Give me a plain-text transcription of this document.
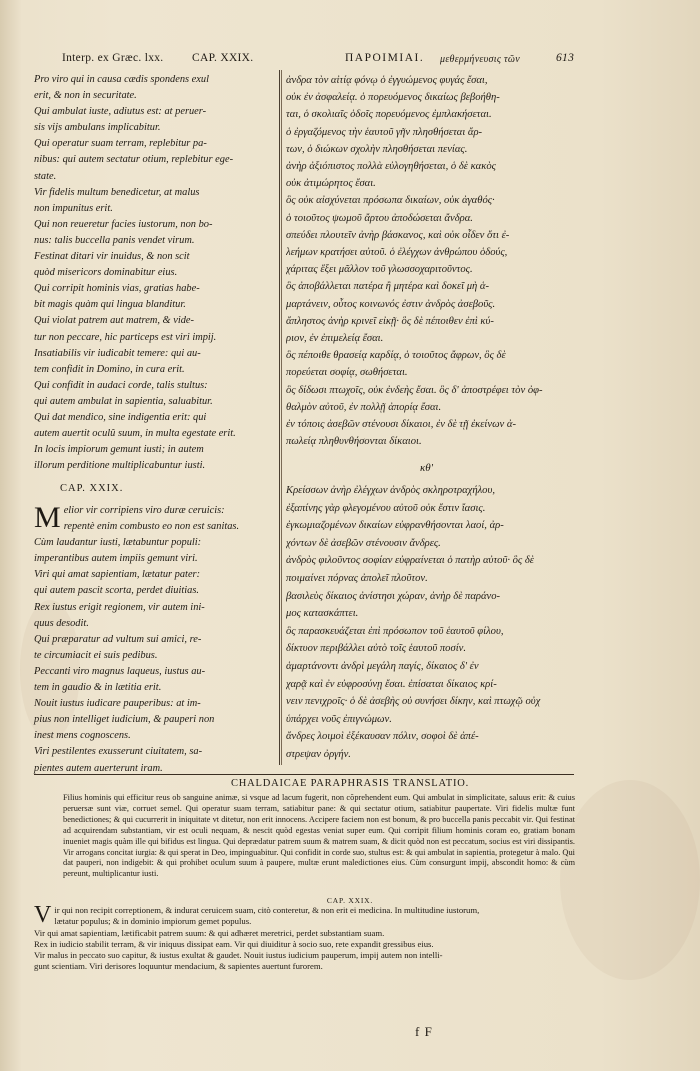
Interp. ex Græc. lxx. CAP. XXIX.	ΠΑΡΟΙΜΙΑΙ. μεθερμήνευσις τῶν	613

Pro viro qui in causa cædis spondens exul

erit, & non in securitate.

Qui ambulat iuste, adiutus est: at peruer-

sis vijs ambulans implicabitur.

Qui operatur suam terram, replebitur pa-

nibus: qui autem sectatur otium, replebitur ege-

state.

Vir fidelis multum benedicetur, at malus

non impunitus erit.

Qui non reueretur facies iustorum, non bo-

nus: talis buccella panis vendet virum.

Festinat ditari vir inuidus, & non scit

quòd misericors dominabitur eius.

Qui corripit hominis vias, gratias habe-

bit magis quàm qui lingua blanditur.

Qui violat patrem aut matrem, & vide-

tur non peccare, hic particeps est viri impij.

Insatiabilis vir iudicabit temere: qui au-

tem confidit in Domino, in cura erit.

Qui confidit in audaci corde, talis stultus:

qui autem ambulat in sapientia, saluabitur.

Qui dat mendico, sine indigentia erit: qui

autem auertit oculû suum, in multa egestate erit.

In locis impiorum gemunt iusti; in autem

illorum perditione multiplicabuntur iusti.

CAP. XXIX.
M elior vir corripiens viro duræ ceruicis:

repentè enim combusto eo non est sanitas.

Cùm laudantur iusti, lætabuntur populi:

imperantibus autem impiis gemunt viri.

Viri qui amat sapientiam, lætatur pater:

qui autem pascit scorta, perdet diuitias.

Rex iustus erigit regionem, vir autem ini-

quus desodit.

Qui præparatur ad vultum sui amici, re-

te circumiacit ei suis pedibus.

Peccanti viro magnus laqueus, iustus au-

tem in gaudio & in lætitia erit.

Nouit iustus iudicare pauperibus: at im-

pius non intelliget iudicium, & pauperi non

inest mens cognoscens.

Viri pestilentes exusserunt ciuitatem, sa-

pientes autem auerterunt iram.

ἀνδρα τὸν αἰτίᾳ φόνῳ ὁ ἐγγυώμενος φυγάς ἔσαι,

οὐκ ἐν ἀσφαλείᾳ. ὁ πορευόμενος δικαίως βεβοήθη-

ται, ὁ σκολιαῖς ὁδοῖς πορευόμενος ἐμπλακήσεται.

ὁ ἐργαζόμενος τὴν ἑαυτοῦ γῆν πλησθήσεται ἄρ-

των, ὁ διώκων σχολὴν πλησθήσεται πενίας.

ἀνὴρ ἀξιόπιστος πολλὰ εὐλογηθήσεται, ὁ δὲ κακὸς

οὐκ ἀτιμώρητος ἔσαι.

ὃς οὐκ αἰσχύνεται πρόσωπα δικαίων, οὐκ ἀγαθός·

ὁ τοιοῦτος ψωμοῦ ἄρτου ἀποδώσεται ἄνδρα.

σπεύδει πλουτεῖν ἀνὴρ βάσκανος, καὶ οὐκ οἶδεν ὅτι ἐ-

λεήμων κρατήσει αὐτοῦ. ὁ ἐλέγχων ἀνθρώπου ὁδούς,

χάριτας ἕξει μᾶλλον τοῦ γλωσσοχαριτοῦντος.

ὃς ἀποβάλλεται πατέρα ἢ μητέρα καὶ δοκεῖ μὴ ἁ-

μαρτάνειν, οὗτος κοινωνός ἐστιν ἀνδρὸς ἀσεβοῦς.

ἄπληστος ἀνὴρ κρινεῖ εἰκῇ· ὃς δὲ πέποιθεν ἐπὶ κύ-

ριον, ἐν ἐπιμελείᾳ ἔσαι.

ὃς πέποιθε θρασείᾳ καρδίᾳ, ὁ τοιοῦτος ἄφρων, ὃς δὲ

πορεύεται σοφίᾳ, σωθήσεται.

ὃς δίδωσι πτωχοῖς, οὐκ ἐνδεὴς ἔσαι. ὃς δ' ἀποστρέφει τὸν ὀφ-

θαλμὸν αὐτοῦ, ἐν πολλῇ ἀπορίᾳ ἔσαι.

ἐν τόποις ἀσεβῶν στένουσι δίκαιοι, ἐν δὲ τῇ ἐκείνων ἀ-

πωλείᾳ πληθυνθήσονται δίκαιοι.

κθ'

Κρείσσων ἀνὴρ ἐλέγχων ἀνδρὸς σκληροτραχήλου,

ἐξαπίνης γὰρ φλεγομένου αὐτοῦ οὐκ ἔστιν ἴασις.

ἐγκωμιαζομένων δικαίων εὐφρανθήσονται λαοί, ἀρ-

χόντων δὲ ἀσεβῶν στένουσιν ἄνδρες.

ἀνδρὸς φιλοῦντος σοφίαν εὐφραίνεται ὁ πατὴρ αὐτοῦ· ὃς δὲ

ποιμαίνει πόρνας ἀπολεῖ πλοῦτον.

βασιλεὺς δίκαιος ἀνίστησι χώραν, ἀνὴρ δὲ παράνο-

μος κατασκάπτει.

ὃς παρασκευάζεται ἐπὶ πρόσωπον τοῦ ἑαυτοῦ φίλου,

δίκτυον περιβάλλει αὐτὸ τοῖς ἑαυτοῦ ποσίν.

ἁμαρτάνοντι ἀνδρὶ μεγάλη παγίς, δίκαιος δ' ἐν

χαρᾷ καὶ ἐν εὐφροσύνῃ ἔσαι. ἐπίσαται δίκαιος κρί-

νειν πενιχροῖς· ὁ δὲ ἀσεβὴς οὐ συνήσει δίκην, καὶ πτωχῷ οὐχ

ὑπάρχει νοῦς ἐπιγνώμων.

ἄνδρες λοιμοὶ ἐξέκαυσαν πόλιν, σοφοὶ δὲ ἀπέ-

στρεψαν ὀργήν.

CHALDAICAE PARAPHRASIS TRANSLATIO.

Filius hominis qui efficitur reus ob sanguine animæ, si vsque ad lacum fugerit, non cõprehendent eum. Qui ambulat in simplicitate, saluus erit: & cuius peruersæ sunt viæ, corruet semel. Qui operatur suam terram, satiabitur pane: & qui sectatur otium, satiabitur paupertate. Viri fidelis multæ funt benedictiones; & qui cucurrerit in iniquitate vt ditetur, non erit innocens. Accipere faciem non est bonum, & pro buccella panis peccabit vir. Qui festinat ad acquirendam substantiam, vir est oculi nequam, & nescit quòd egestas veniat super eum. Qui corripit filium hominis coram eo, gratiam bonam inueniet magis quàm ille qui bifidus est lingua. Qui deprædatur patrem suum & matrem suam, & dicit quòd non est peccatum, socius est viri dissipantis. Vir arrogans concitat iurgia: & qui sperat in Deo, impinguabitur. Qui confidit in corde suo, stultus est: & qui ambulat in sapientia, protegetur à malo. Qui dat pauperi, non indigebit: & qui prohibet oculum suum à paupere, multæ erunt maledictiones eius. Cùm consurgunt impij, abscondit homo: & cùm pereunt, multiplicantur iusti.

CAP. XXIX.
V ir qui non recipit correptionem, & indurat ceruicem suam, citò conteretur, & non erit ei medicina. In multitudine iustorum,

lætatur populus; & in dominio impiorum gemet populus.

Vir qui amat sapientiam, lætificabit patrem suum: & qui adhæret meretrici, perdet substantiam suam.

Rex in iudicio stabilit terram, & vir iniquus dissipat eam. Vir qui diuiditur à socio suo, rete expandit gressibus eius.

Vir malus in peccato suo capitur, & iustus exultat & gaudet. Nouit iustus iudicium pauperum, impij autem non intelli-

gunt scientiam. Viri derisores loquuntur mendacium, & sapientes auertunt furorem.

f F
